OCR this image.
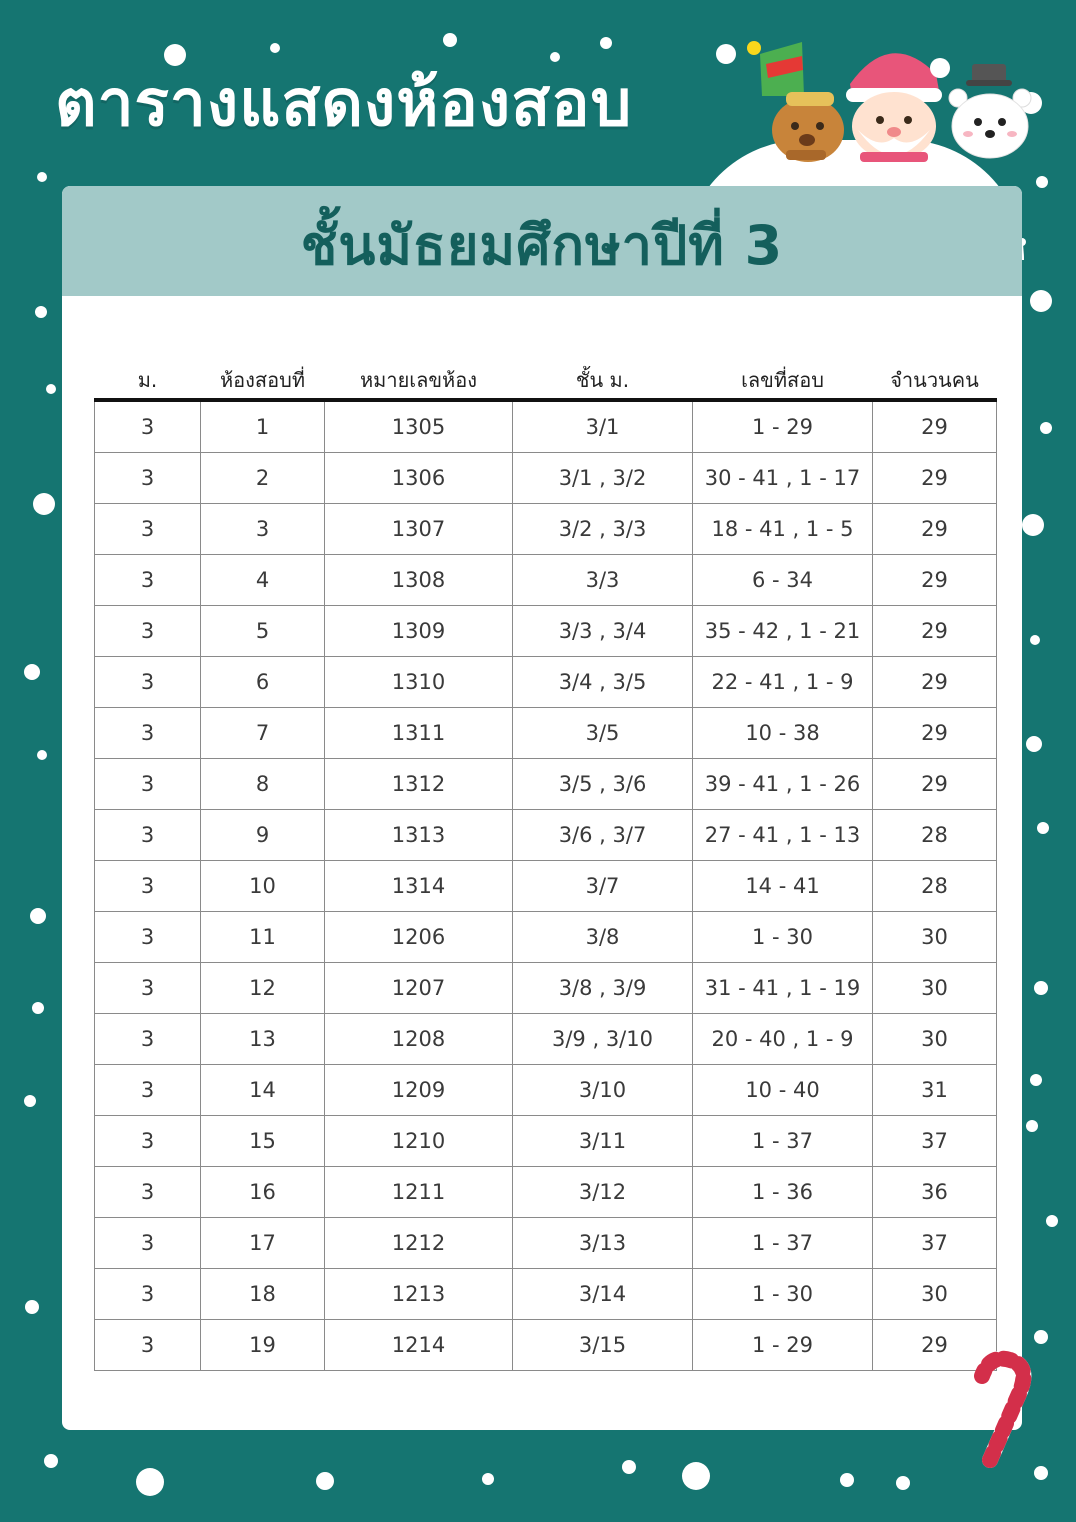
ตารางแสดงห้องสอบ
ชั้นมัธยมศึกษาปีที่ 3
ม.	ห้องสอบที่	หมายเลขห้อง	ชั้น ม.	เลขที่สอบ	จำนวนคน
3	1	1305	3/1	1 - 29	29
3	2	1306	3/1 , 3/2	30 - 41 , 1 - 17	29
3	3	1307	3/2 , 3/3	18 - 41 , 1 - 5	29
3	4	1308	3/3	6 - 34	29
3	5	1309	3/3 , 3/4	35 - 42 , 1 - 21	29
3	6	1310	3/4 , 3/5	22 - 41 , 1 - 9	29
3	7	1311	3/5	10 - 38	29
3	8	1312	3/5 , 3/6	39 - 41 , 1 - 26	29
3	9	1313	3/6 , 3/7	27 - 41 , 1 - 13	28
3	10	1314	3/7	14 - 41	28
3	11	1206	3/8	1 - 30	30
3	12	1207	3/8 , 3/9	31 - 41 , 1 - 19	30
3	13	1208	3/9 , 3/10	20 - 40 , 1 - 9	30
3	14	1209	3/10	10 - 40	31
3	15	1210	3/11	1 - 37	37
3	16	1211	3/12	1 - 36	36
3	17	1212	3/13	1 - 37	37
3	18	1213	3/14	1 - 30	30
3	19	1214	3/15	1 - 29	29
